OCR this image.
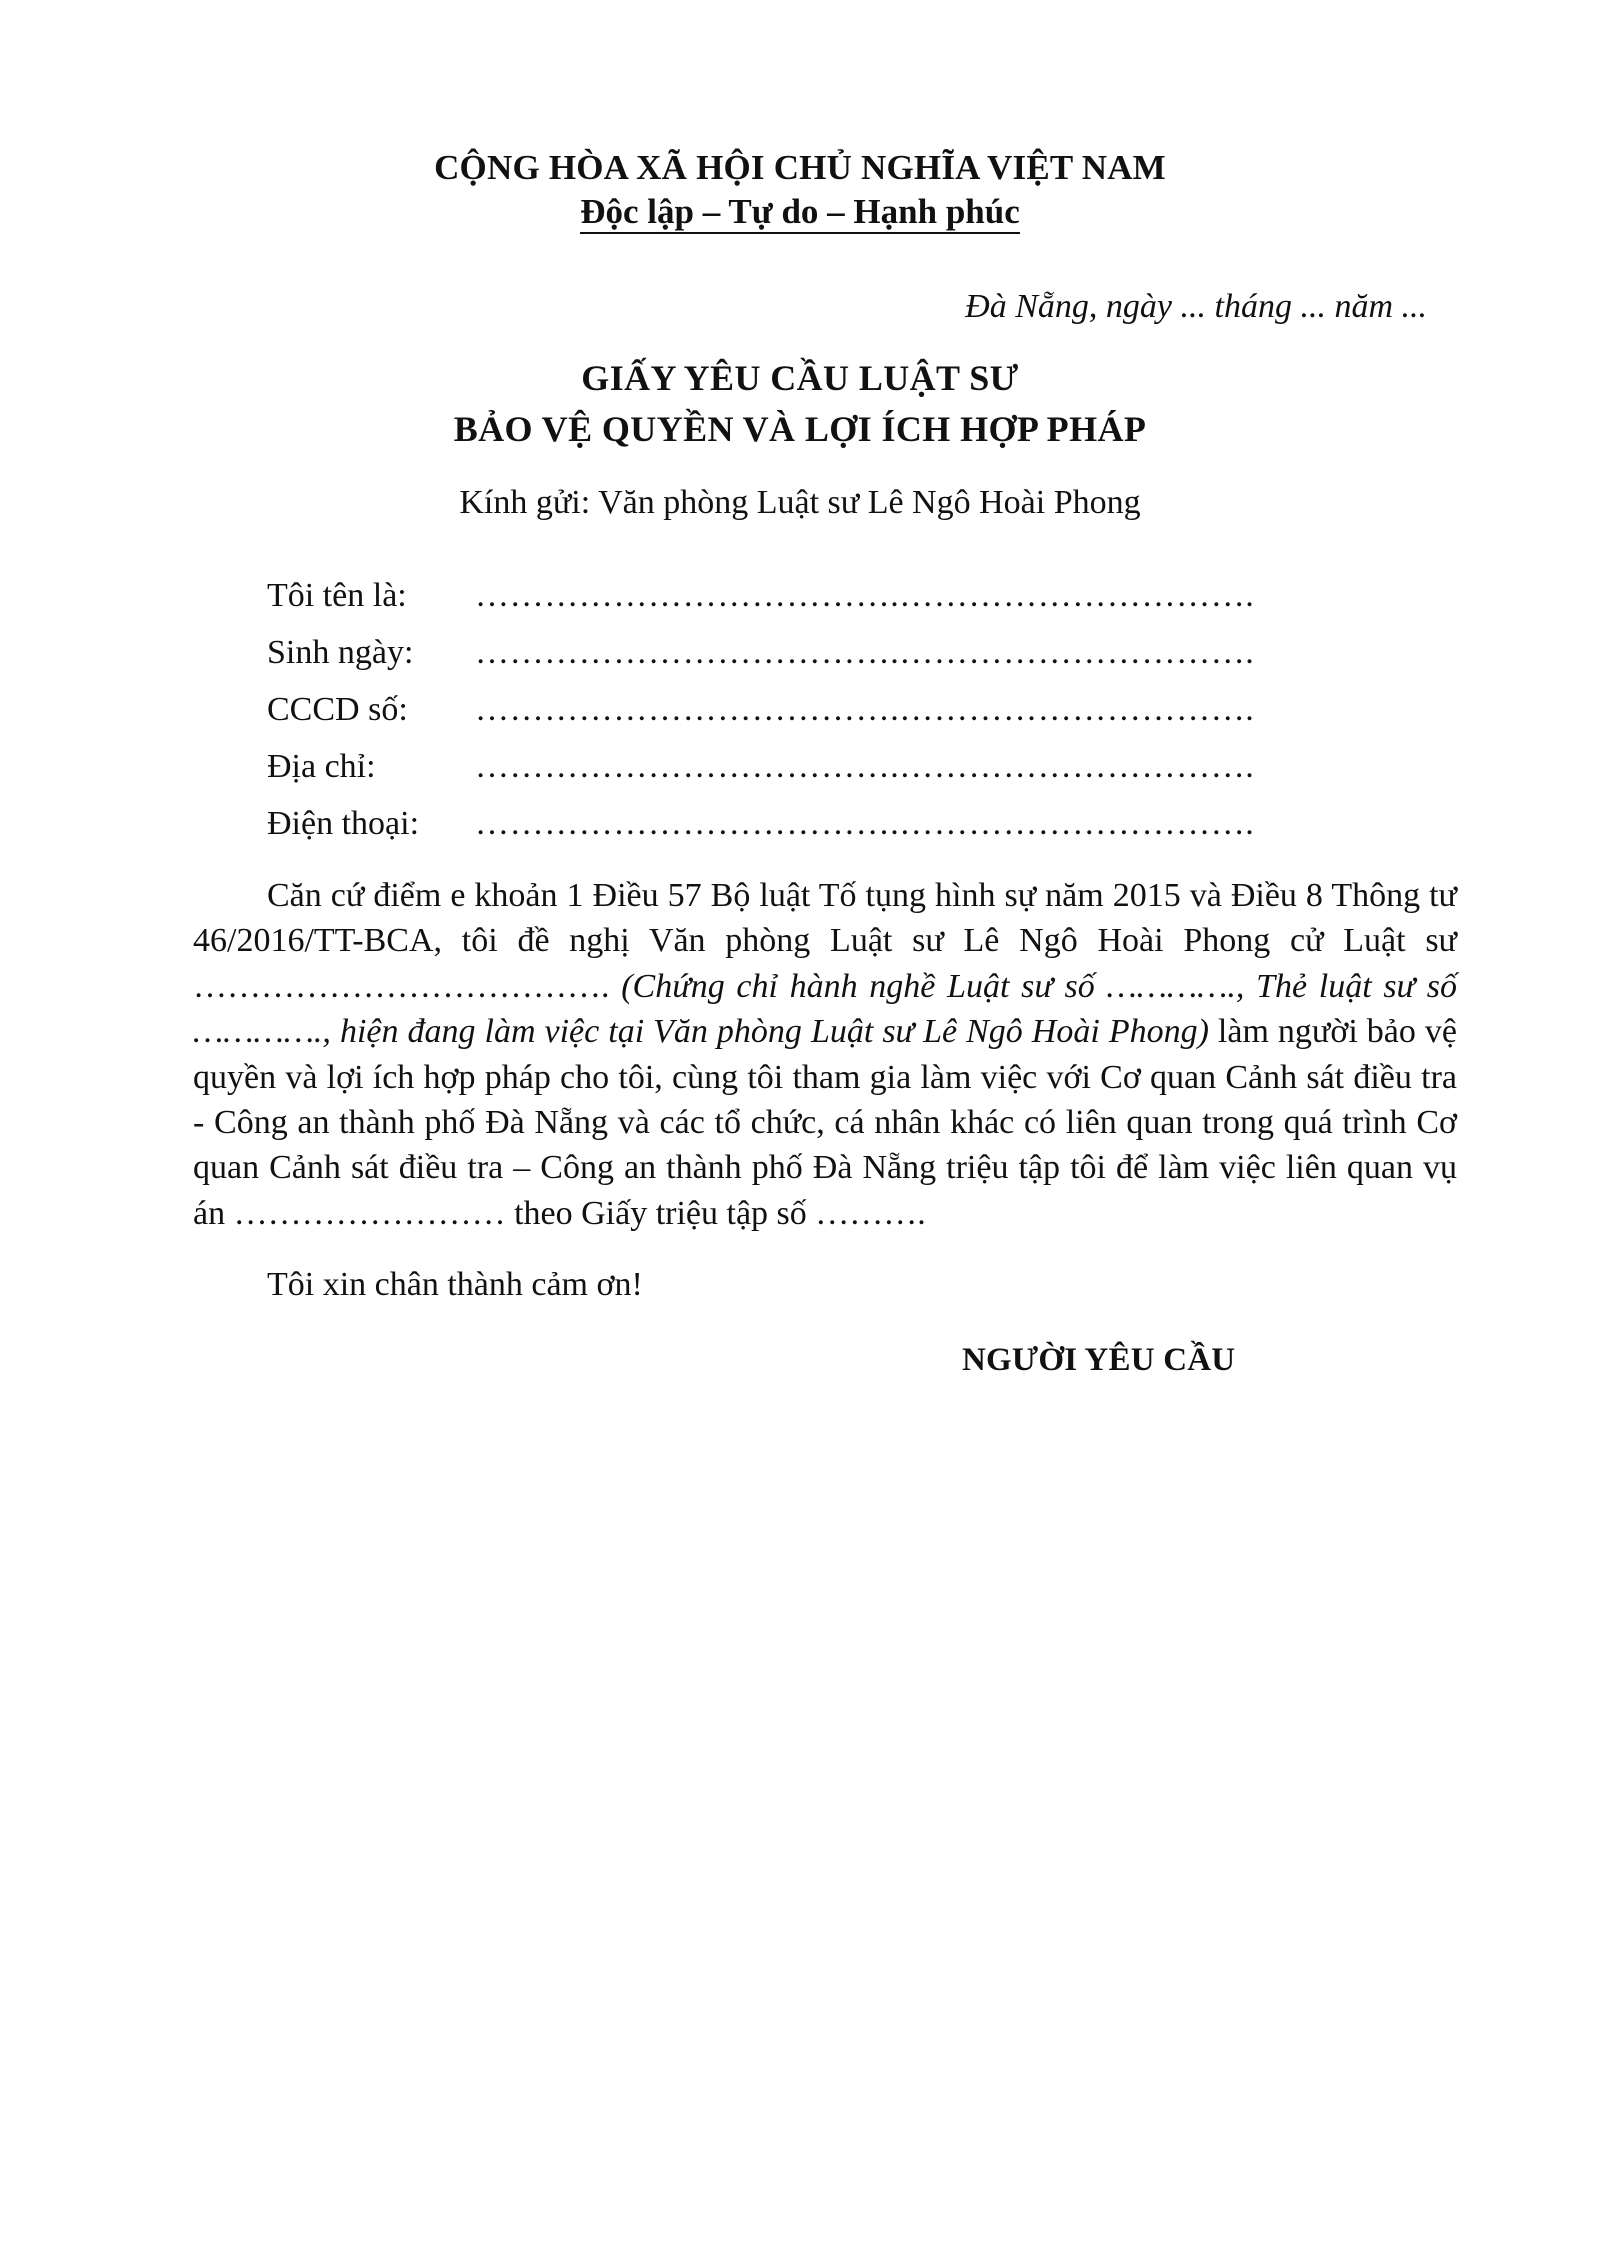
CỘNG HÒA XÃ HỘI CHỦ NGHĨA VIỆT NAM
Độc lập – Tự do – Hạnh phúc
Đà Nẵng, ngày ... tháng ... năm ...
GIẤY YÊU CẦU LUẬT SƯ
BẢO VỆ QUYỀN VÀ LỢI ÍCH HỢP PHÁP
Kính gửi: Văn phòng Luật sư Lê Ngô Hoài Phong
Tôi tên là: ……………………………….………………………….
Sinh ngày: ……………………………….………………………….
CCCD số: ……………………………….………………………….
Địa chỉ:	……………………………….………………………….
Điện thoại: ……………………………….………………………….
Căn cứ điểm e khoản 1 Điều 57 Bộ luật Tố tụng hình sự năm 2015 và Điều 8 Thông tư 46/2016/TT-BCA, tôi đề nghị Văn phòng Luật sư Lê Ngô Hoài Phong cử Luật sư ………………………………. (Chứng chỉ hành nghề Luật sư số …………., Thẻ luật sư số …………., hiện đang làm việc tại Văn phòng Luật sư Lê Ngô Hoài Phong) làm người bảo vệ quyền và lợi ích hợp pháp cho tôi, cùng tôi tham gia làm việc với Cơ quan Cảnh sát điều tra - Công an thành phố Đà Nẵng và các tổ chức, cá nhân khác có liên quan trong quá trình Cơ quan Cảnh sát điều tra – Công an thành phố Đà Nẵng triệu tập tôi để làm việc liên quan vụ án …………………… theo Giấy triệu tập số ……….
Tôi xin chân thành cảm ơn!
NGƯỜI YÊU CẦU
